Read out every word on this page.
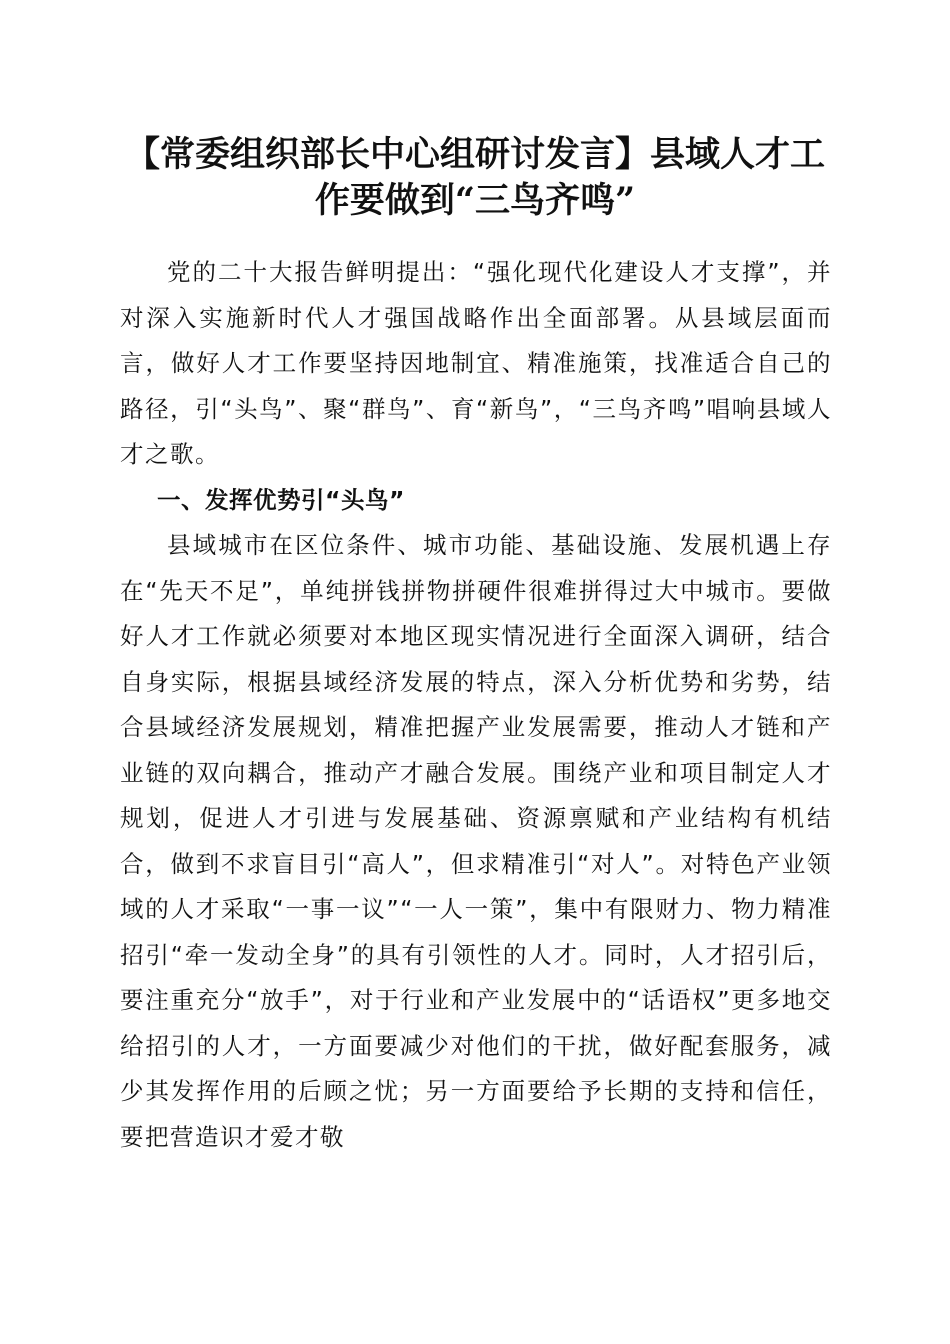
【常委组织部长中心组研讨发言】县域人才工
作要做到“三鸟齐鸣”

党的二十大报告鲜明提出：“强化现代化建设人才支撑”，并对深入实施新时代人才强国战略作出全面部署。从县域层面而言，做好人才工作要坚持因地制宜、精准施策，找准适合自己的路径，引“头鸟”、聚“群鸟”、育“新鸟”，“三鸟齐鸣”唱响县域人才之歌。

一、发挥优势引“头鸟”

县域城市在区位条件、城市功能、基础设施、发展机遇上存在“先天不足”，单纯拼钱拼物拼硬件很难拼得过大中城市。要做好人才工作就必须要对本地区现实情况进行全面深入调研，结合自身实际，根据县域经济发展的特点，深入分析优势和劣势，结合县域经济发展规划，精准把握产业发展需要，推动人才链和产业链的双向耦合，推动产才融合发展。围绕产业和项目制定人才规划，促进人才引进与发展基础、资源禀赋和产业结构有机结合，做到不求盲目引“高人”，但求精准引“对人”。对特色产业领域的人才采取“一事一议”“一人一策”，集中有限财力、物力精准招引“牵一发动全身”的具有引领性的人才。同时，人才招引后，要注重充分“放手”，对于行业和产业发展中的“话语权”更多地交给招引的人才，一方面要减少对他们的干扰，做好配套服务，减少其发挥作用的后顾之忧；另一方面要给予长期的支持和信任，要把营造识才爱才敬
